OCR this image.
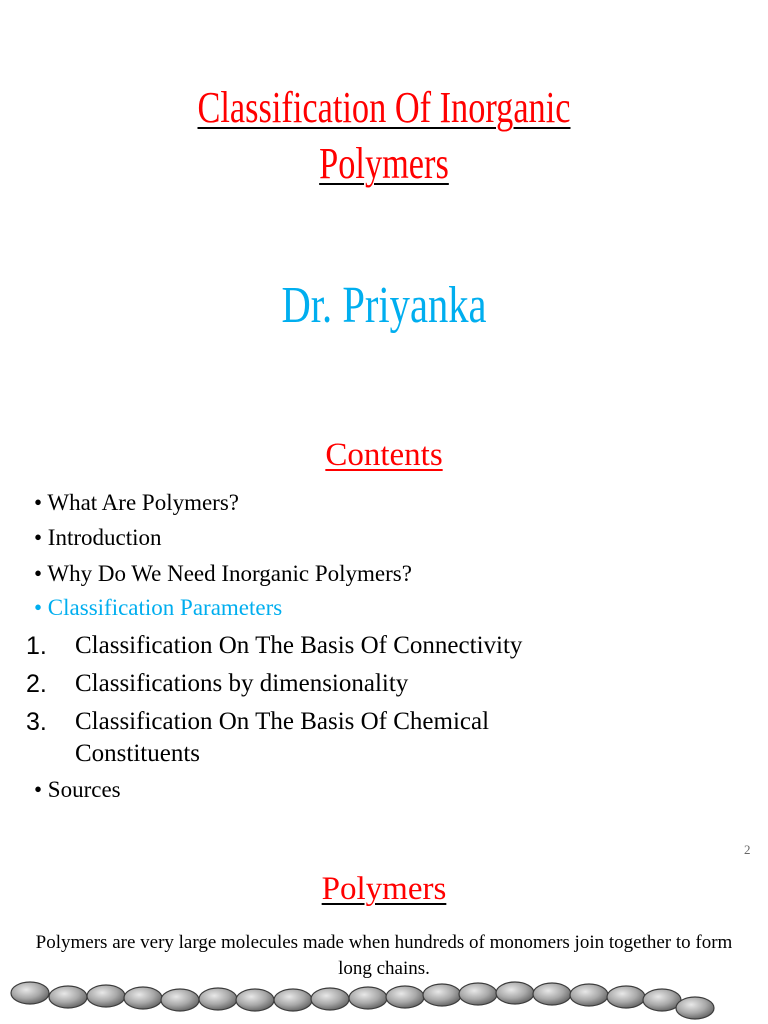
Classification Of Inorganic
Polymers
Dr. Priyanka
Contents
• What Are Polymers?
• Introduction
• Why Do We Need Inorganic Polymers?
• Classification Parameters
1.	Classification On The Basis Of Connectivity
2.	Classifications by dimensionality
3.	Classification On The Basis Of Chemical Constituents
• Sources
2
Polymers
Polymers are very large molecules made when hundreds of monomers join together to form long chains.
